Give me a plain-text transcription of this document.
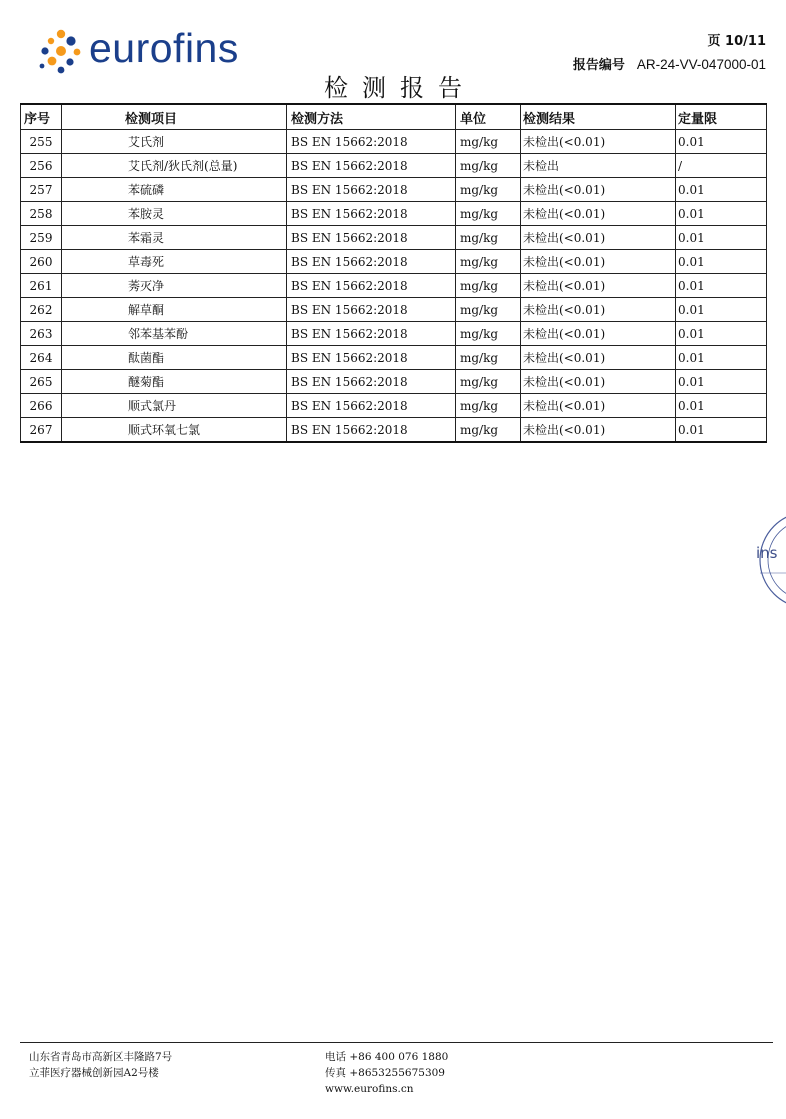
eurofins	页 10/11
报告编号 AR-24-VV-047000-01
检测报告
序号	检测项目	检测方法	单位	检测结果	定量限
255	艾氏剂	BS EN 15662:2018	mg/kg	未检出(<0.01)	0.01
256	艾氏剂/狄氏剂(总量)	BS EN 15662:2018	mg/kg	未检出	/
257	苯硫磷	BS EN 15662:2018	mg/kg	未检出(<0.01)	0.01
258	苯胺灵	BS EN 15662:2018	mg/kg	未检出(<0.01)	0.01
259	苯霜灵	BS EN 15662:2018	mg/kg	未检出(<0.01)	0.01
260	草毒死	BS EN 15662:2018	mg/kg	未检出(<0.01)	0.01
261	莠灭净	BS EN 15662:2018	mg/kg	未检出(<0.01)	0.01
262	解草酮	BS EN 15662:2018	mg/kg	未检出(<0.01)	0.01
263	邻苯基苯酚	BS EN 15662:2018	mg/kg	未检出(<0.01)	0.01
264	酞菌酯	BS EN 15662:2018	mg/kg	未检出(<0.01)	0.01
265	醚菊酯	BS EN 15662:2018	mg/kg	未检出(<0.01)	0.01
266	顺式氯丹	BS EN 15662:2018	mg/kg	未检出(<0.01)	0.01
267	顺式环氧七氯	BS EN 15662:2018	mg/kg	未检出(<0.01)	0.01
ins
山东省青岛市高新区丰隆路7号
立菲医疗器械创新园A2号楼
电话 +86 400 076 1880
传真 +8653255675309
www.eurofins.cn
